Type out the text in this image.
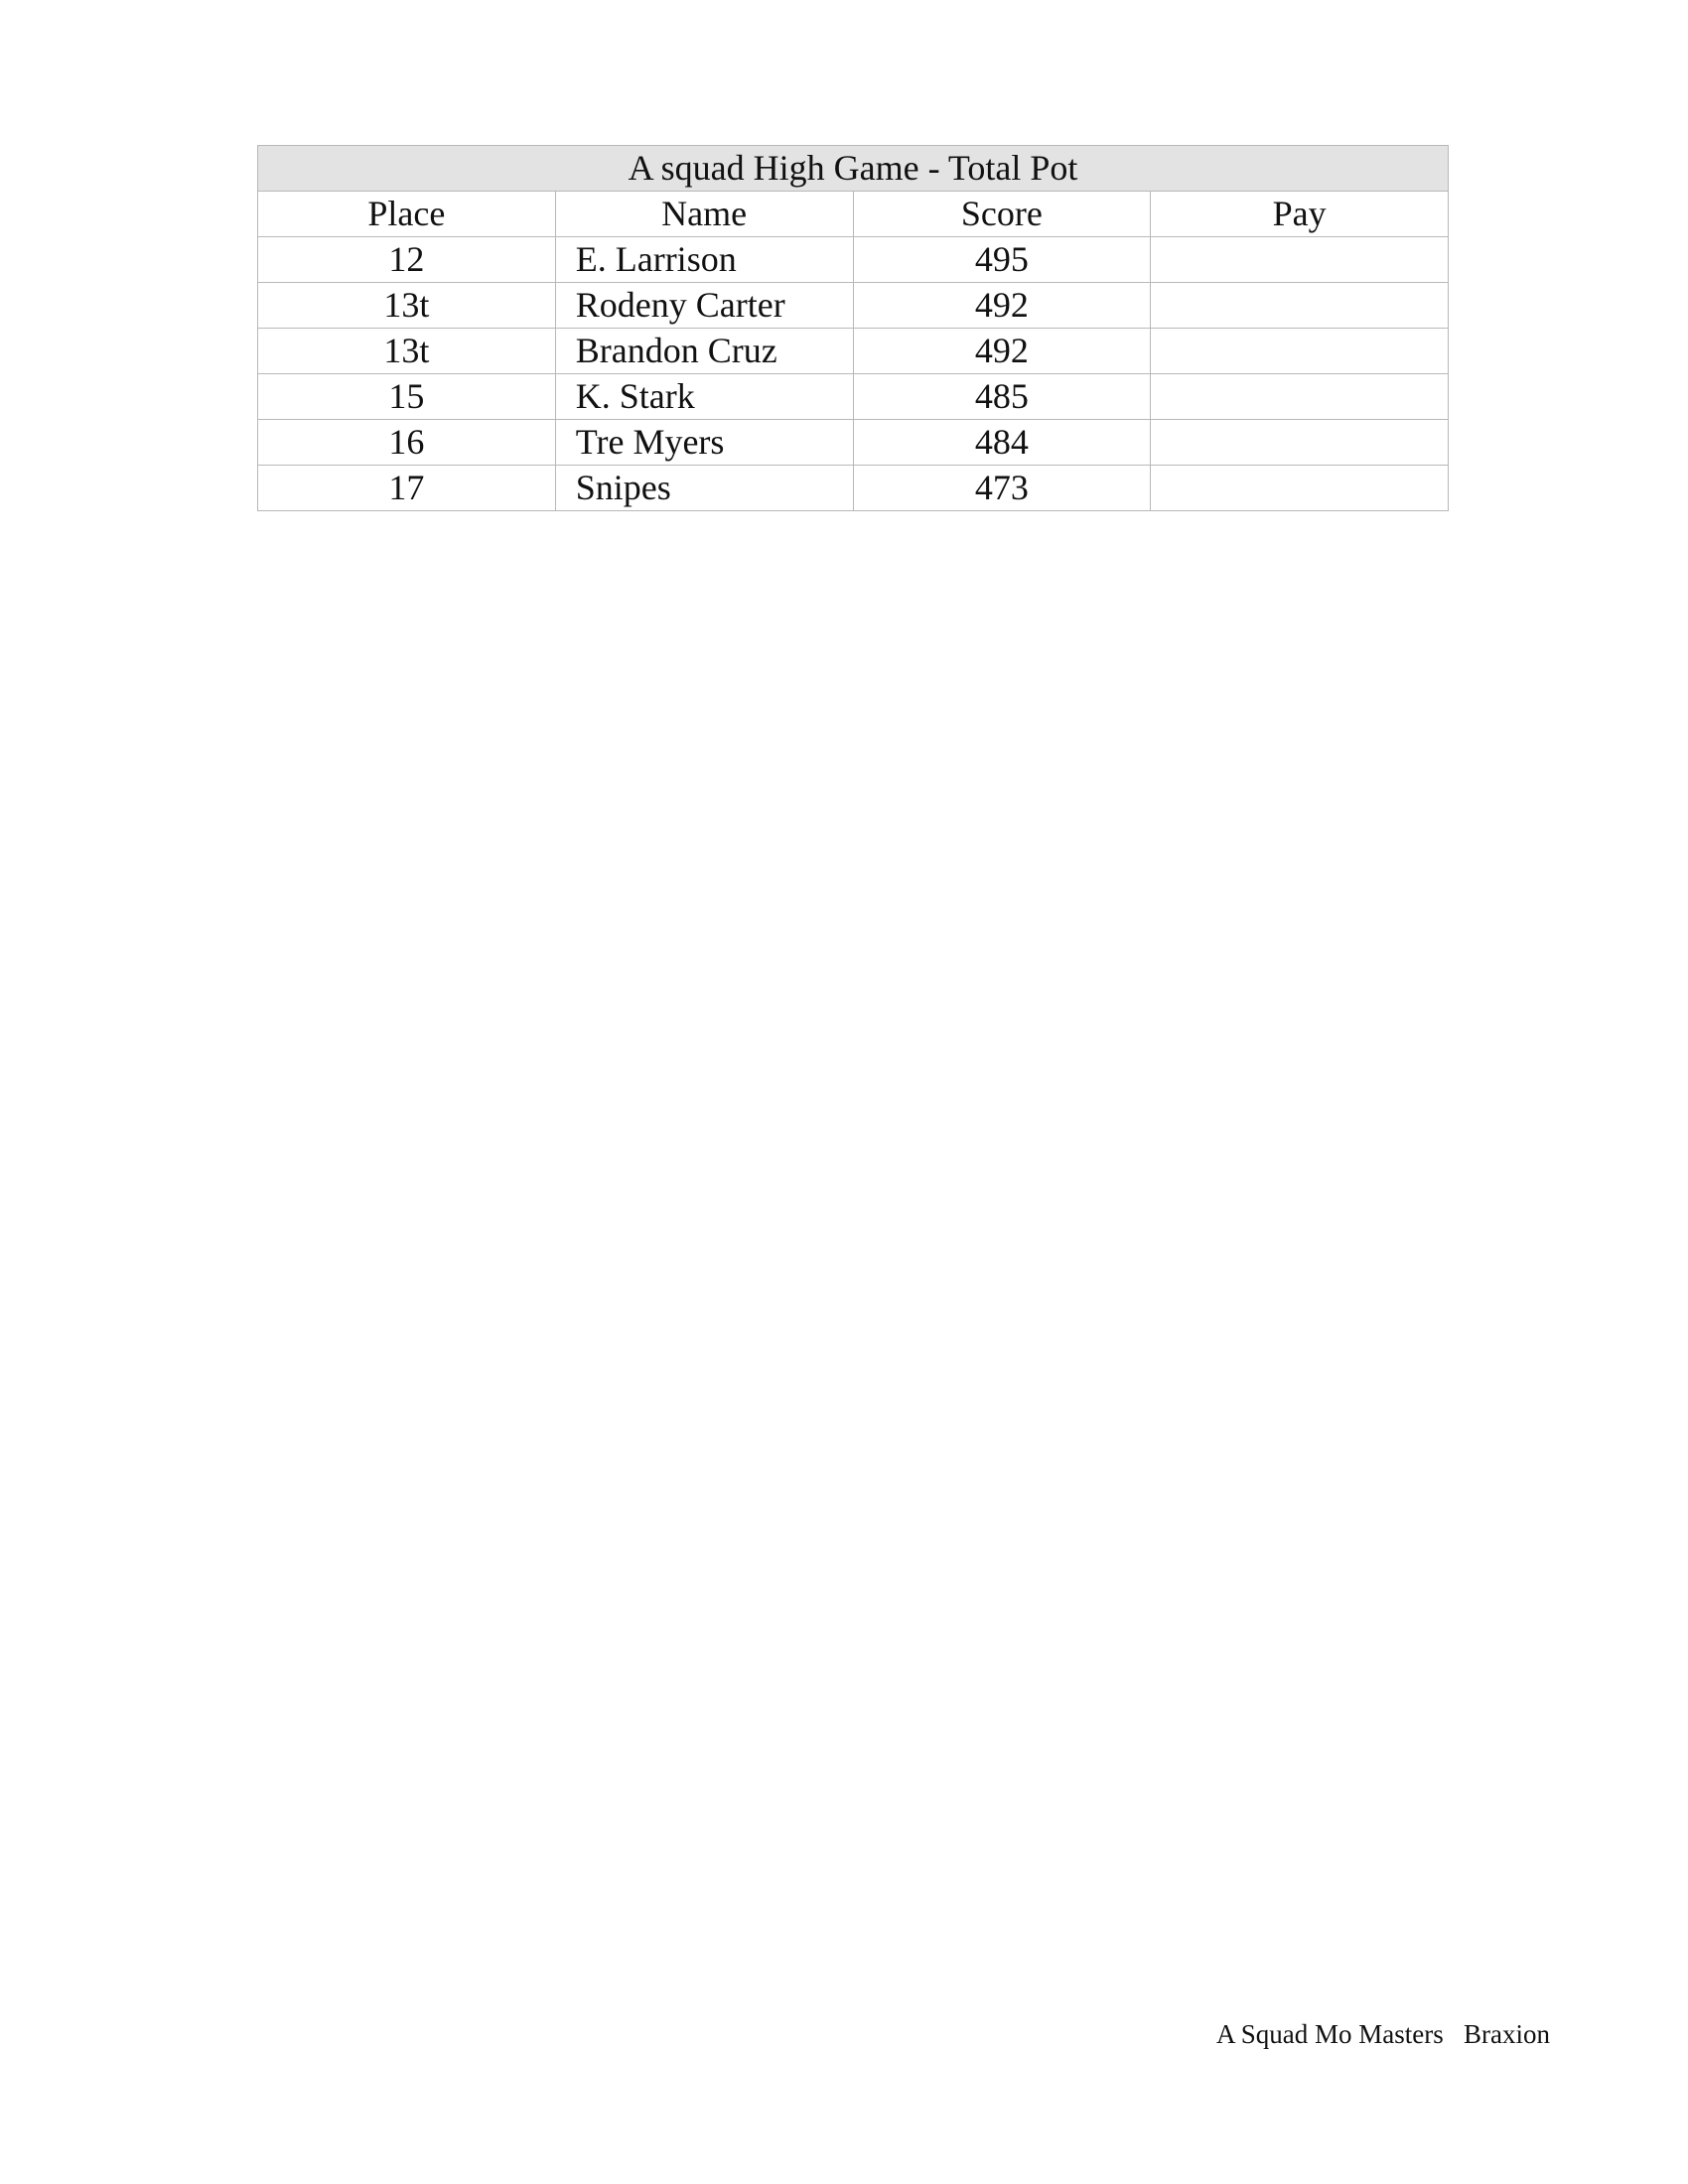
A squad High Game - Total Pot			
Place	Name	Score	Pay
12	E. Larrison	495	
13t	Rodeny Carter	492	
13t	Brandon Cruz	492	
15	K. Stark	485	
16	Tre Myers	484	
17	Snipes	473	
A Squad Mo Masters Braxion
